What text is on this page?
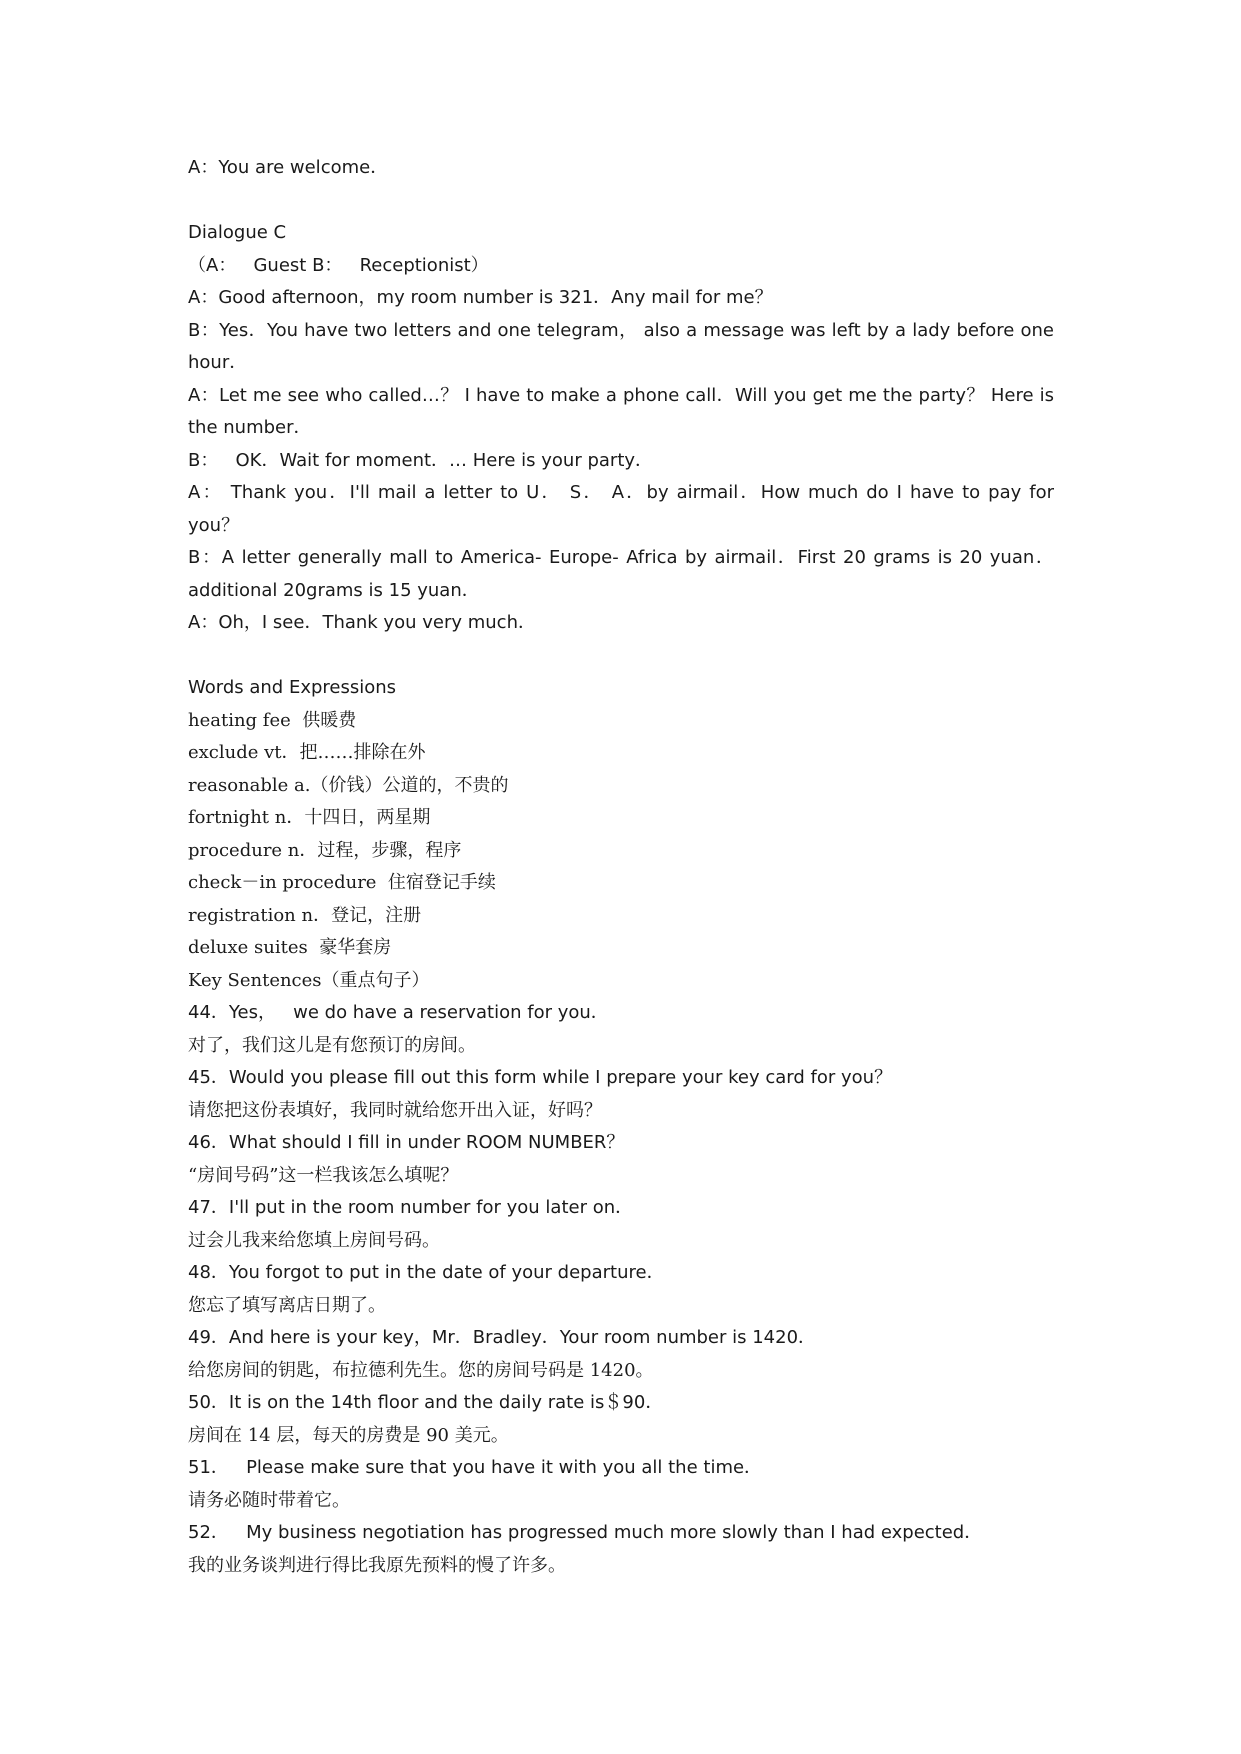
A：You are welcome．
Dialogue C
（A：   Guest B：   Receptionist）
A：Good afternoon，my room number is 321．Any mail for me？
B：Yes．You have two letters and one telegram， also a message was left by a lady before one
hour．
A：Let me see who called…？ I have to make a phone call．Will you get me the party？ Here is
the number．
B：   OK．Wait for moment．… Here is your party．
A： Thank you．I'll mail a letter to U． S． A．by airmail．How much do I have to pay for
you？
B：A letter generally mall to America- Europe- Africa by airmail．First 20 grams is 20 yuan．
additional 20grams is 15 yuan．
A：Oh，I see．Thank you very much．
Words and Expressions
heating fee  供暖费
exclude vt．把……排除在外
reasonable a.（价钱）公道的，不贵的
fortnight n．十四日，两星期
procedure n．过程，步骤，程序
check－in procedure  住宿登记手续
registration n．登记，注册
deluxe suites  豪华套房
Key Sentences（重点句子）
44．Yes，   we do have a reservation for you．
对了，我们这儿是有您预订的房间。
45．Would you please fill out this form while I prepare your key card for you？
请您把这份表填好，我同时就给您开出入证，好吗？
46．What should I fill in under ROOM NUMBER？
“房间号码”这一栏我该怎么填呢？
47．I'll put in the room number for you later on．
过会儿我来给您填上房间号码。
48．You forgot to put in the date of your departure．
您忘了填写离店日期了。
49．And here is your key，Mr．Bradley．Your room number is 1420．
给您房间的钥匙，布拉德利先生。您的房间号码是 1420。
50．It is on the 14th floor and the daily rate is＄90．
房间在 14 层，每天的房费是 90 美元。
51．   Please make sure that you have it with you all the time．
请务必随时带着它。
52．   My business negotiation has progressed much more slowly than I had expected．
我的业务谈判进行得比我原先预料的慢了许多。
